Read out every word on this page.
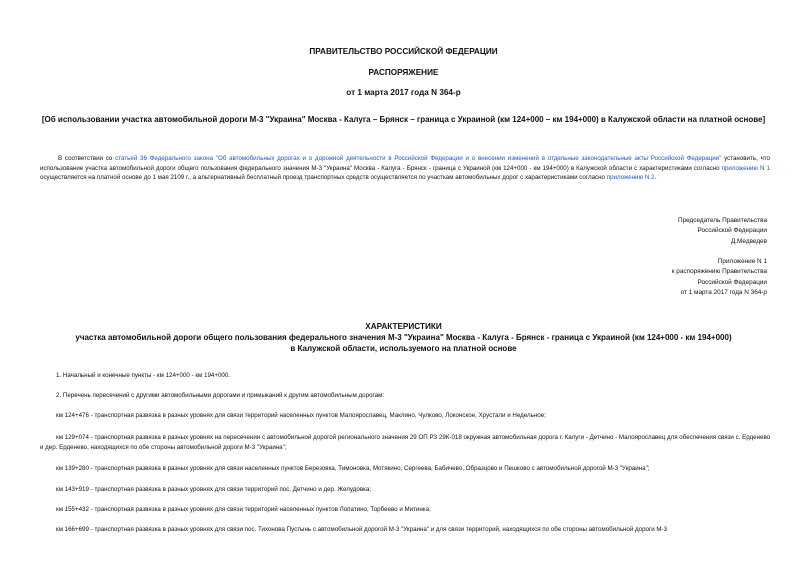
ПРАВИТЕЛЬСТВО РОССИЙСКОЙ ФЕДЕРАЦИИ
РАСПОРЯЖЕНИЕ
от 1 марта 2017 года N 364-р
[Об использовании участка автомобильной дороги М-3 "Украина" Москва - Калуга – Брянск – граница с Украиной (км 124+000 – км 194+000) в Калужской области на платной основе]
В соответствии со статьей 36 Федерального закона "Об автомобильных дорогах и о дорожной деятельности в Российской Федерации и о внесении изменений в отдельные законодательные акты Российской Федерации" установить, что использование участка автомобильной дороги общего пользования федерального значения М-3 "Украина" Москва - Калуга - Брянск - граница с Украиной (км 124+000 - км 194+000) в Калужской области с характеристиками согласно приложению N 1 осуществляется на платной основе до 1 мая 2109 г., а альтернативный бесплатный проезд транспортных средств осуществляется по участкам автомобильных дорог с характеристиками согласно приложению N 2.
Председатель Правительства
Российской Федерации
Д.Медведев
Приложение N 1
к распоряжению Правительства
Российской Федерации
от 1 марта 2017 года N 364-р
ХАРАКТЕРИСТИКИ
участка автомобильной дороги общего пользования федерального значения М-3 "Украина" Москва - Калуга - Брянск - граница с Украиной (км 124+000 - км 194+000)
в Калужской области, используемого на платной основе
1. Начальный и конечные пункты - км 124+000 - км 194+000.
2. Перечень пересечений с другими автомобильными дорогами и примыканий к другим автомобильным дорогам:
км 124+476 - транспортная развязка в разных уровнях для связи территорий населенных пунктов Малоярославец, Маклино, Чулково, Локонское, Хрустали и Недельное;
км 129+074 - транспортная развязка в разных уровнях на пересечении с автомобильной дорогой регионального значения 29 ОП РЗ 29К-018 окружная автомобильная дорога г. Калуги - Детчино - Малоярославец для обеспечения связи с. Ерденево и дер. Ерденево, находящихся по обе стороны автомобильной дороги М-3 "Украина";
км 139+280 - транспортная развязка в разных уровнях для связи населенных пунктов Березовка, Тимоновка, Мотякино, Сергеева, Бабичево, Образцово и Пешково с автомобильной дорогой М-3 "Украина";
км 143+919 - транспортная развязка в разных уровнях для связи территорий пос. Детчино и дер. Желудовка;
км 155+432 - транспортная развязка в разных уровнях для связи территорий населенных пунктов Лопатино, Торбеево и Митинка;
км 166+699 - транспортная развязка в разных уровнях для связи пос. Тихонова Пустынь с автомобильной дорогой М-3 "Украина" и для связи территорий, находящихся по обе стороны автомобильной дороги М-3
